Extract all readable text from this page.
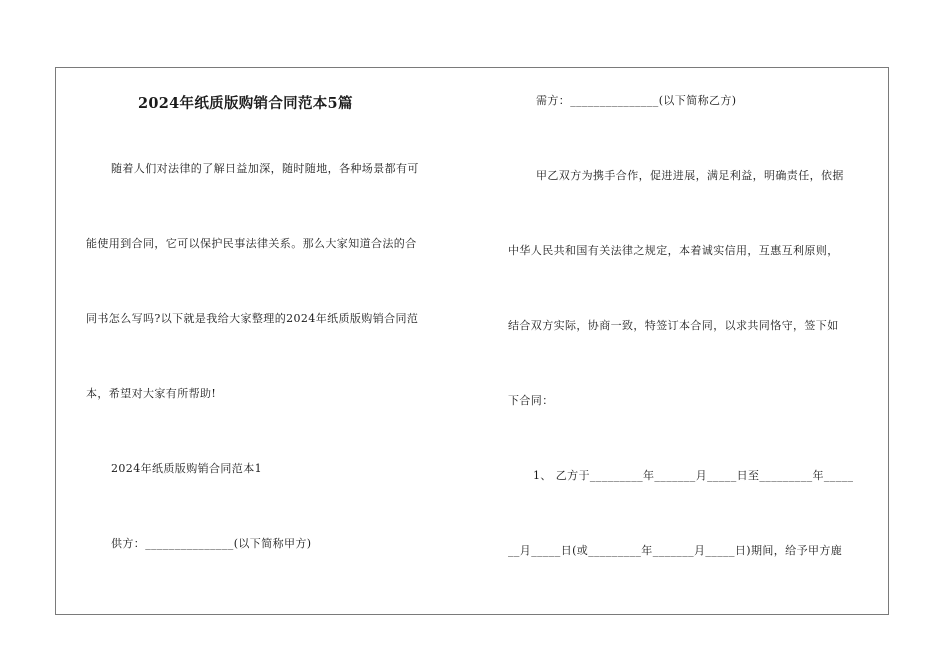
2024年纸质版购销合同范本5篇
随着人们对法律的了解日益加深，随时随地，各种场景都有可
能使用到合同，它可以保护民事法律关系。那么大家知道合法的合
同书怎么写吗?以下就是我给大家整理的2024年纸质版购销合同范
本，希望对大家有所帮助!
2024年纸质版购销合同范本1
供方：_______________(以下简称甲方)
需方：_______________(以下简称乙方)
甲乙双方为携手合作，促进进展，满足利益，明确责任，依据
中华人民共和国有关法律之规定，本着诚实信用，互惠互利原则，
结合双方实际，协商一致，特签订本合同，以求共同恪守，签下如
下合同：
1、 乙方于_________年_______月_____日至_________年_____
__月_____日(或_________年_______月_____日)期间，给予甲方鹿
